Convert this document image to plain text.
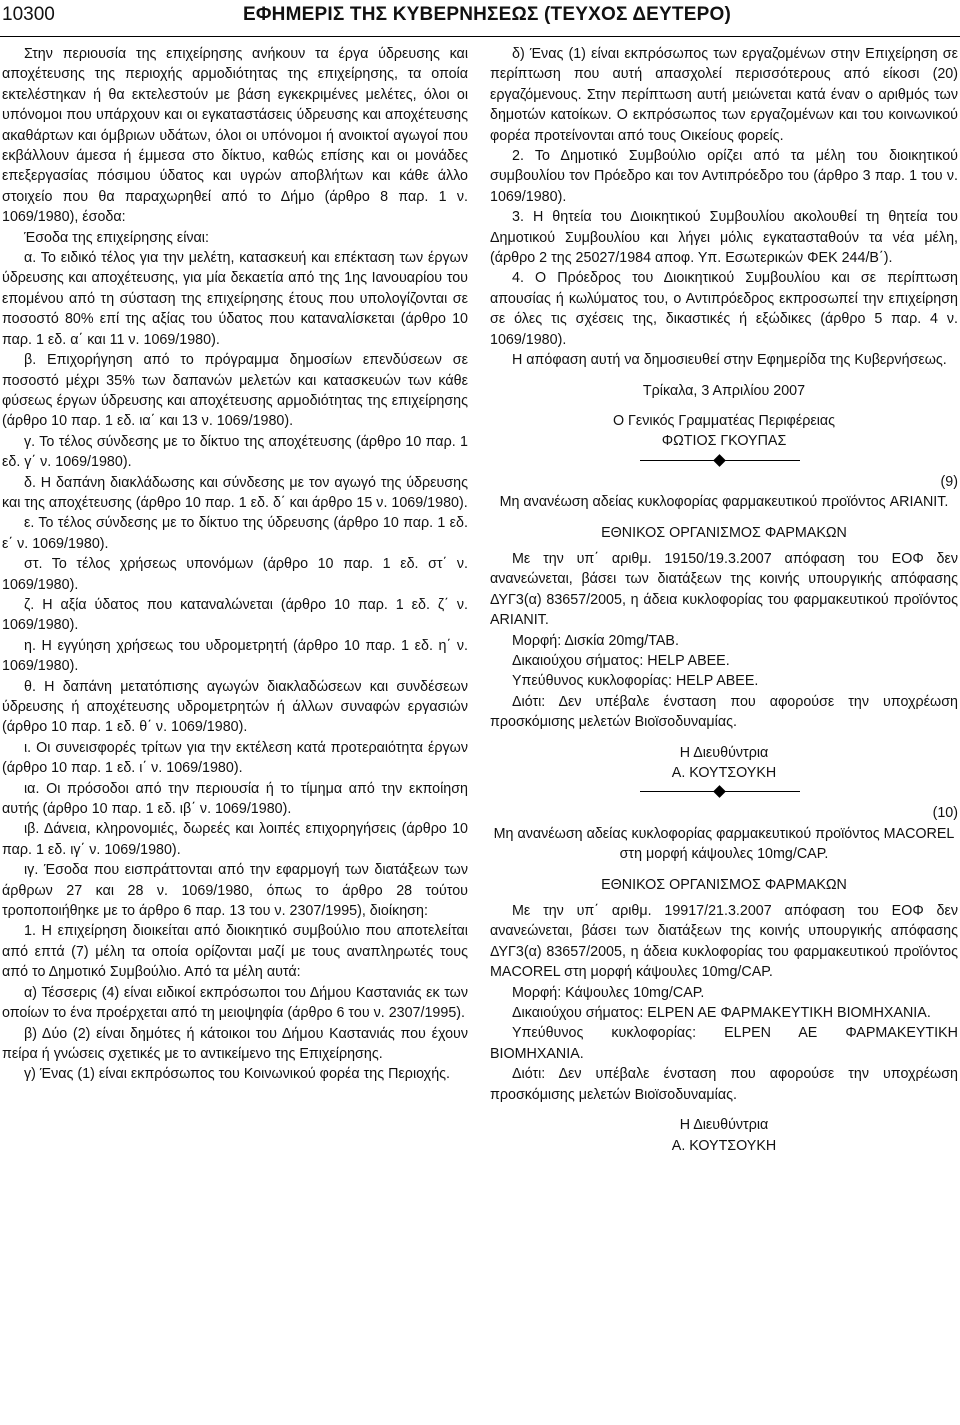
10300	ΕΦΗΜΕΡΙΣ ΤΗΣ ΚΥΒΕΡΝΗΣΕΩΣ (ΤΕΥΧΟΣ ΔΕΥΤΕΡΟ)

Στην περιουσία της επιχείρησης ανήκουν τα έργα ύδρευσης και αποχέτευσης της περιοχής αρμοδιότητας της επιχείρησης, τα οποία εκτελέστηκαν ή θα εκτελεστούν με βάση εγκεκριμένες μελέτες, όλοι οι υπόνομοι που υπάρχουν και οι εγκαταστάσεις ύδρευσης και αποχέτευσης ακαθάρτων και όμβριων υδάτων, όλοι οι υπόνομοι ή ανοικτοί αγωγοί που εκβάλλουν άμεσα ή έμμεσα στο δίκτυο, καθώς επίσης και οι μονάδες επεξεργασίας πόσιμου ύδατος και υγρών αποβλήτων και κάθε άλλο στοιχείο που θα παραχωρηθεί από το Δήμο (άρθρο 8 παρ. 1 ν. 1069/1980), έσοδα:

Έσοδα της επιχείρησης είναι:

α. Το ειδικό τέλος για την μελέτη, κατασκευή και επέκταση των έργων ύδρευσης και αποχέτευσης, για μία δεκαετία από της 1ης Ιανουαρίου του επομένου από τη σύσταση της επιχείρησης έτους που υπολογίζονται σε ποσοστό 80% επί της αξίας του ύδατος που καταναλίσκεται (άρθρο 10 παρ. 1 εδ. α΄ και 11 ν. 1069/1980).

β. Επιχορήγηση από το πρόγραμμα δημοσίων επενδύσεων σε ποσοστό μέχρι 35% των δαπανών μελετών και κατασκευών των κάθε φύσεως έργων ύδρευσης και αποχέτευσης αρμοδιότητας της επιχείρησης (άρθρο 10 παρ. 1 εδ. ια΄ και 13 ν. 1069/1980).

γ. Το τέλος σύνδεσης με το δίκτυο της αποχέτευσης (άρθρο 10 παρ. 1 εδ. γ΄ ν. 1069/1980).

δ. Η δαπάνη διακλάδωσης και σύνδεσης με τον αγωγό της ύδρευσης και της αποχέτευσης (άρθρο 10 παρ. 1 εδ. δ΄ και άρθρο 15 ν. 1069/1980).

ε. Το τέλος σύνδεσης με το δίκτυο της ύδρευσης (άρθρο 10 παρ. 1 εδ. ε΄ ν. 1069/1980).

στ. Το τέλος χρήσεως υπονόμων (άρθρο 10 παρ. 1 εδ. στ΄ ν. 1069/1980).

ζ. Η αξία ύδατος που καταναλώνεται (άρθρο 10 παρ. 1 εδ. ζ΄ ν. 1069/1980).

η. Η εγγύηση χρήσεως του υδρομετρητή (άρθρο 10 παρ. 1 εδ. η΄ ν. 1069/1980).

θ. Η δαπάνη μετατόπισης αγωγών διακλαδώσεων και συνδέσεων ύδρευσης ή αποχέτευσης υδρομετρητών ή άλλων συναφών εργασιών (άρθρο 10 παρ. 1 εδ. θ΄ ν. 1069/1980).

ι. Οι συνεισφορές τρίτων για την εκτέλεση κατά προτεραιότητα έργων (άρθρο 10 παρ. 1 εδ. ι΄ ν. 1069/1980).

ια. Οι πρόσοδοι από την περιουσία ή το τίμημα από την εκποίηση αυτής (άρθρο 10 παρ. 1 εδ. ιβ΄ ν. 1069/1980).

ιβ. Δάνεια, κληρονομιές, δωρεές και λοιπές επιχορηγήσεις (άρθρο 10 παρ. 1 εδ. ιγ΄ ν. 1069/1980).

ιγ. Έσοδα που εισπράττονται από την εφαρμογή των διατάξεων των άρθρων 27 και 28 ν. 1069/1980, όπως το άρθρο 28 τούτου τροποποιήθηκε με το άρθρο 6 παρ. 13 του ν. 2307/1995), διοίκηση:

1. Η επιχείρηση διοικείται από διοικητικό συμβούλιο που αποτελείται από επτά (7) μέλη τα οποία ορίζονται μαζί με τους αναπληρωτές τους από το Δημοτικό Συμβούλιο. Από τα μέλη αυτά:

α) Τέσσερις (4) είναι ειδικοί εκπρόσωποι του Δήμου Καστανιάς εκ των οποίων το ένα προέρχεται από τη μειοψηφία (άρθρο 6 του ν. 2307/1995).

β) Δύο (2) είναι δημότες ή κάτοικοι του Δήμου Καστανιάς που έχουν πείρα ή γνώσεις σχετικές με το αντικείμενο της Επιχείρησης.

γ) Ένας (1) είναι εκπρόσωπος του Κοινωνικού φορέα της Περιοχής.

δ) Ένας (1) είναι εκπρόσωπος των εργαζομένων στην Επιχείρηση σε περίπτωση που αυτή απασχολεί περισσότερους από είκοσι (20) εργαζόμενους. Στην περίπτωση αυτή μειώνεται κατά έναν ο αριθμός των δημοτών κατοίκων. Ο εκπρόσωπος των εργαζομένων και του κοινωνικού φορέα προτείνονται από τους Οικείους φορείς.

2. Το Δημοτικό Συμβούλιο ορίζει από τα μέλη του διοικητικού συμβουλίου τον Πρόεδρο και τον Αντιπρόεδρο του (άρθρο 3 παρ. 1 του ν. 1069/1980).

3. Η θητεία του Διοικητικού Συμβουλίου ακολουθεί τη θητεία του Δημοτικού Συμβουλίου και λήγει μόλις εγκατασταθούν τα νέα μέλη, (άρθρο 2 της 25027/1984 αποφ. Υπ. Εσωτερικών ΦΕΚ 244/Β΄).

4. Ο Πρόεδρος του Διοικητικού Συμβουλίου και σε περίπτωση απουσίας ή κωλύματος του, ο Αντιπρόεδρος εκπροσωπεί την επιχείρηση σε όλες τις σχέσεις της, δικαστικές ή εξώδικες (άρθρο 5 παρ. 4 ν. 1069/1980).

Η απόφαση αυτή να δημοσιευθεί στην Εφημερίδα της Κυβερνήσεως.

Τρίκαλα, 3 Απριλίου 2007

Ο Γενικός Γραμματέας Περιφέρειας

ΦΩΤΙΟΣ ΓΚΟΥΠΑΣ

(9)

Μη ανανέωση αδείας κυκλοφορίας φαρμακευτικού προϊόντος ARIANIT.

ΕΘΝΙΚΟΣ ΟΡΓΑΝΙΣΜΟΣ ΦΑΡΜΑΚΩΝ

Με την υπ΄ αριθμ. 19150/19.3.2007 απόφαση του ΕΟΦ δεν ανανεώνεται, βάσει των διατάξεων της κοινής υπουργικής απόφασης ΔΥΓ3(α) 83657/2005, η άδεια κυκλοφορίας του φαρμακευτικού προϊόντος ARIANIT.

Μορφή: Δισκία 20mg/TAB.

Δικαιούχου σήματος: HELP ABEE.

Υπεύθυνος κυκλοφορίας: HELP ABEE.

Διότι: Δεν υπέβαλε ένσταση που αφορούσε την υποχρέωση προσκόμισης μελετών Βιοϊσοδυναμίας.

Η Διευθύντρια

Α. ΚΟΥΤΣΟΥΚΗ

(10)

Μη ανανέωση αδείας κυκλοφορίας φαρμακευτικού προϊόντος MACOREL στη μορφή κάψουλες 10mg/CAP.

ΕΘΝΙΚΟΣ ΟΡΓΑΝΙΣΜΟΣ ΦΑΡΜΑΚΩΝ

Με την υπ΄ αριθμ. 19917/21.3.2007 απόφαση του ΕΟΦ δεν ανανεώνεται, βάσει των διατάξεων της κοινής υπουργικής απόφασης ΔΥΓ3(α) 83657/2005, η άδεια κυκλοφορίας του φαρμακευτικού προϊόντος MACOREL στη μορφή κάψουλες 10mg/CAP.

Μορφή: Κάψουλες 10mg/CAP.

Δικαιούχου σήματος: ELPEN AE ΦΑΡΜΑΚΕΥΤΙΚΗ ΒΙΟΜΗΧΑΝΙΑ.

Υπεύθυνος κυκλοφορίας: ELPEN AE ΦΑΡΜΑΚΕΥΤΙΚΗ ΒΙΟΜΗΧΑΝΙΑ.

Διότι: Δεν υπέβαλε ένσταση που αφορούσε την υποχρέωση προσκόμισης μελετών Βιοϊσοδυναμίας.

Η Διευθύντρια

Α. ΚΟΥΤΣΟΥΚΗ
